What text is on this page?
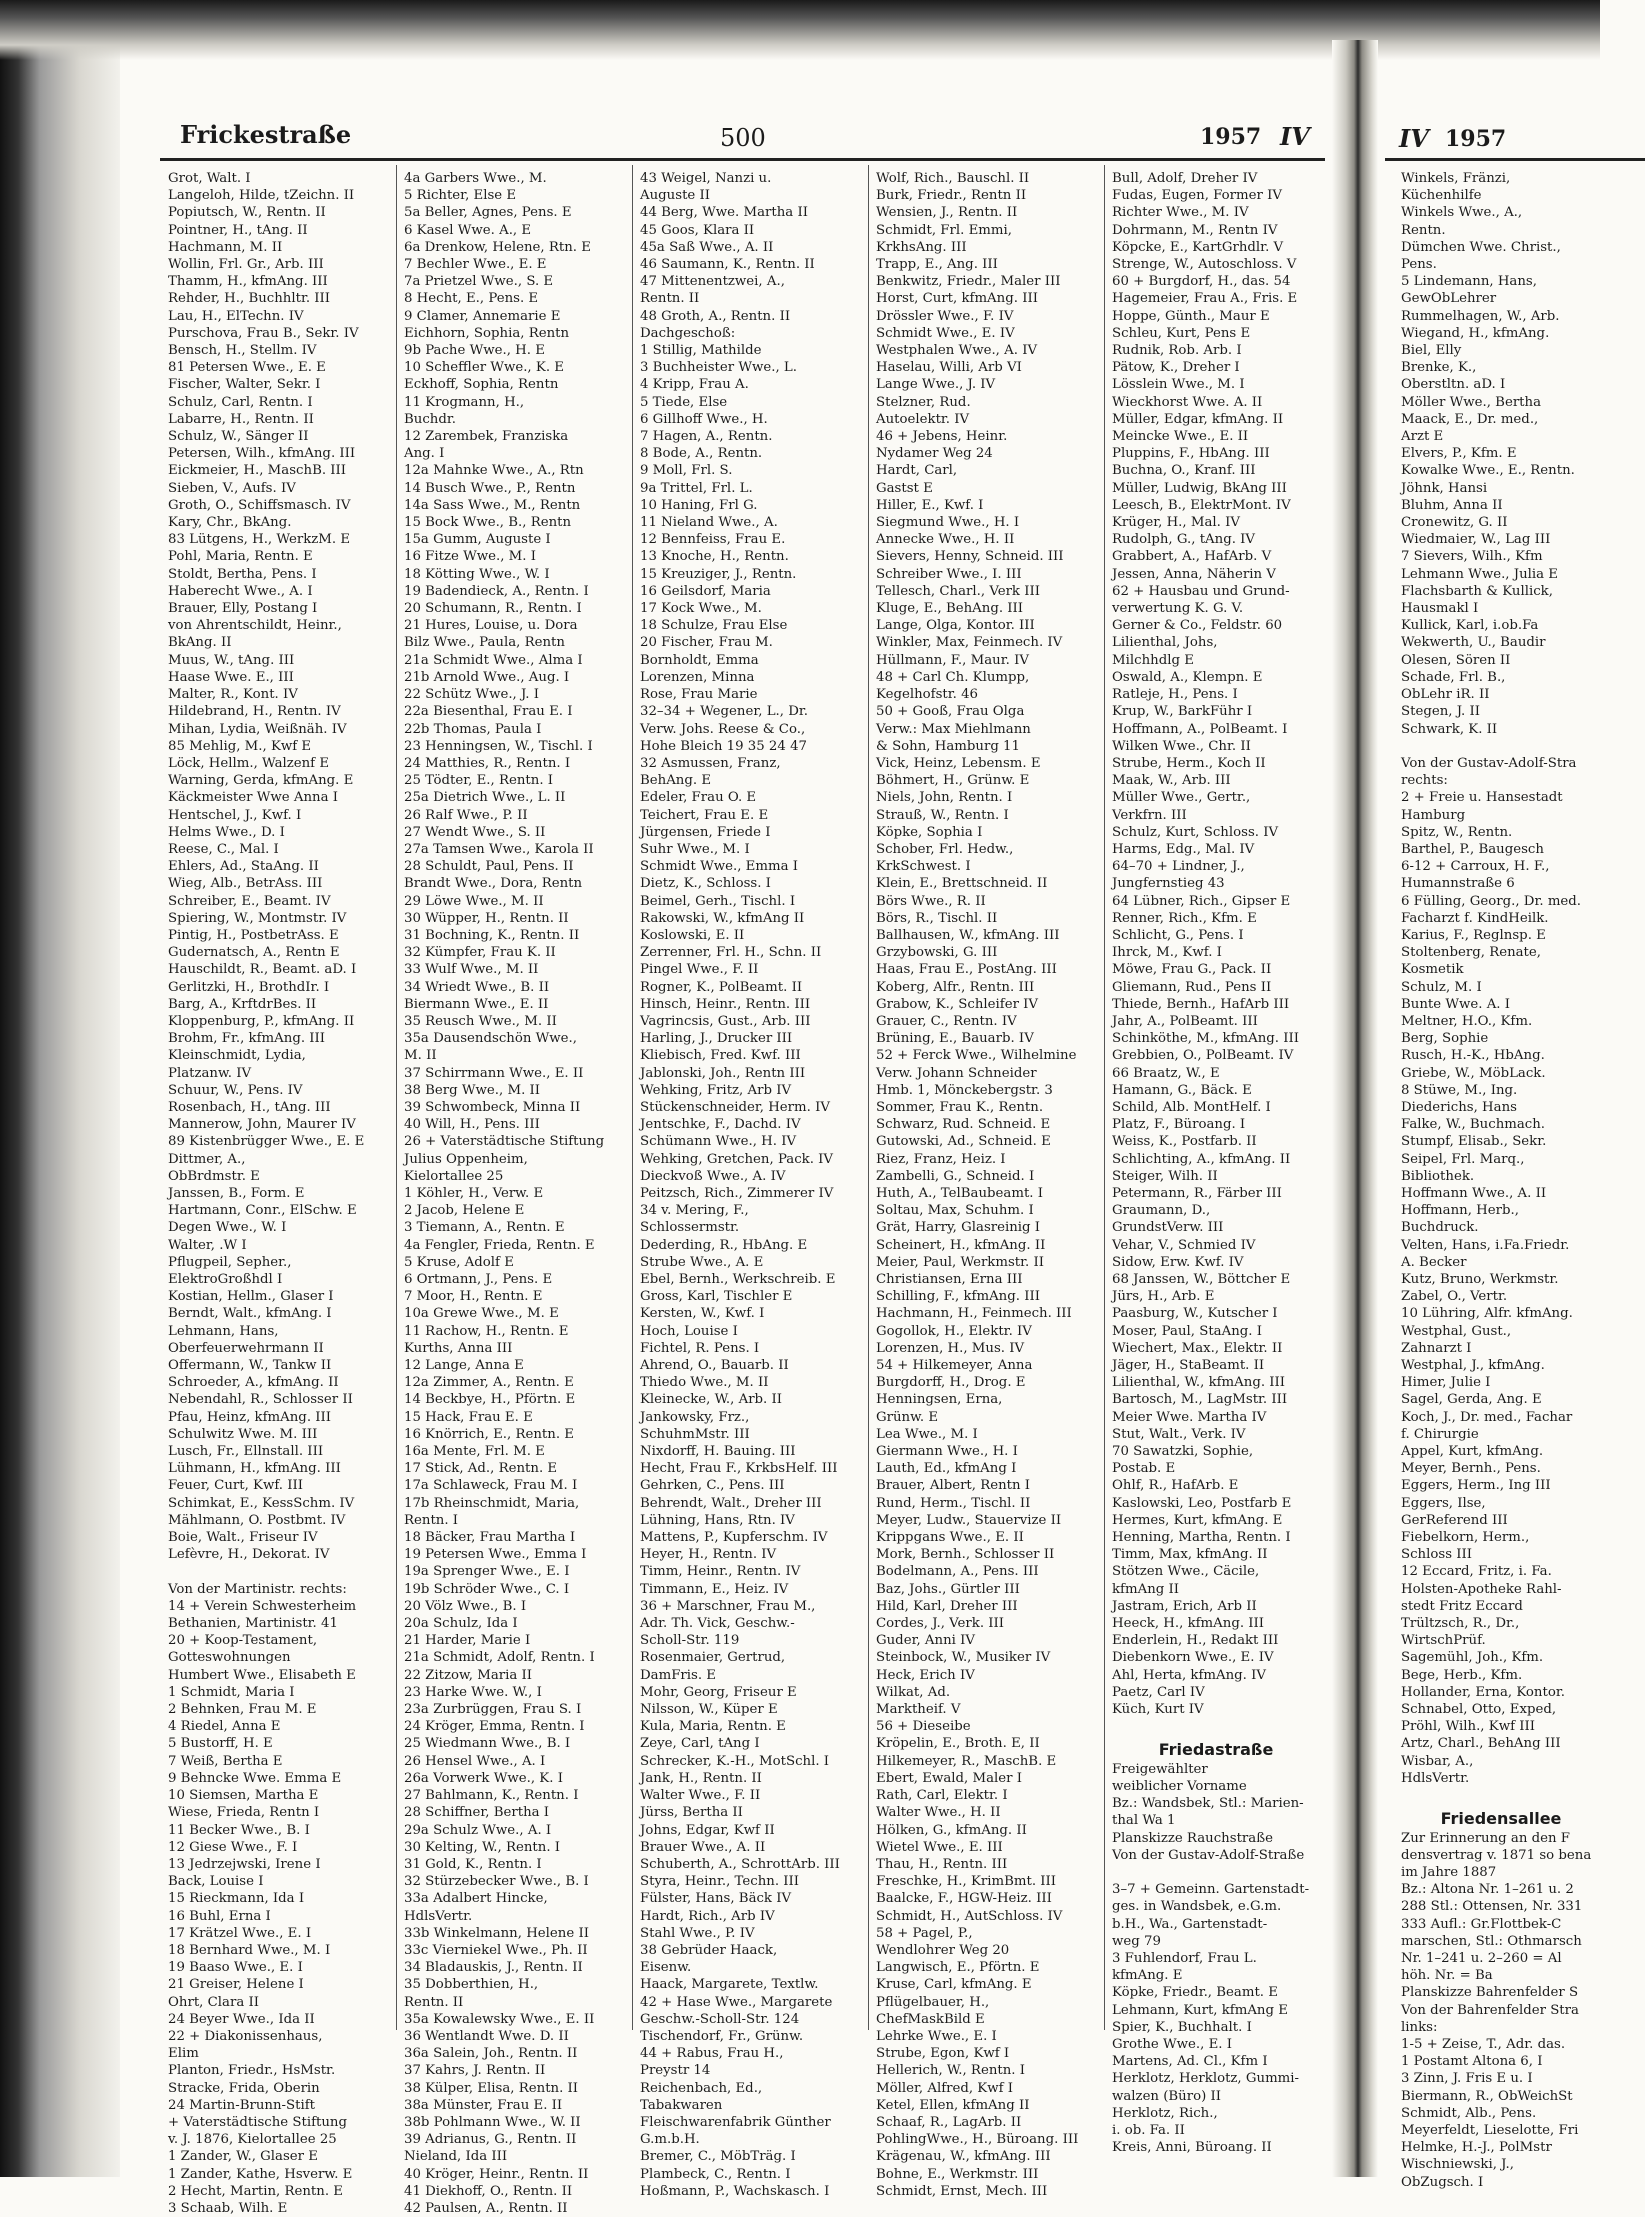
Frickestraße	500	1957 IV
Grot, Walt. I
Langeloh, Hilde, tZeichn. II
Popiutsch, W., Rentn. II
Pointner, H., tAng. II
Hachmann, M. II
Wollin, Frl. Gr., Arb. III
Thamm, H., kfmAng. III
Rehder, H., Buchhltr. III
Lau, H., ElTechn. IV
Purschova, Frau B., Sekr. IV
Bensch, H., Stellm. IV
81 Petersen Wwe., E. E
Fischer, Walter, Sekr. I
Schulz, Carl, Rentn. I
Labarre, H., Rentn. II
Schulz, W., Sänger II
Petersen, Wilh., kfmAng. III
Eickmeier, H., MaschB. III
Sieben, V., Aufs. IV
Groth, O., Schiffsmasch. IV
Kary, Chr., BkAng.
83 Lütgens, H., WerkzM. E
Pohl, Maria, Rentn. E
Stoldt, Bertha, Pens. I
Haberecht Wwe., A. I
Brauer, Elly, Postang I
von Ahrentschildt, Heinr.,
BkAng. II
Muus, W., tAng. III
Haase Wwe. E., III
Malter, R., Kont. IV
Hildebrand, H., Rentn. IV
Mihan, Lydia, Weißnäh. IV
85 Mehlig, M., Kwf E
Löck, Hellm., Walzenf E
Warning, Gerda, kfmAng. E
Käckmeister Wwe Anna I
Hentschel, J., Kwf. I
Helms Wwe., D. I
Reese, C., Mal. I
Ehlers, Ad., StaAng. II
Wieg, Alb., BetrAss. III
Schreiber, E., Beamt. IV
Spiering, W., Montmstr. IV
Pintig, H., PostbetrAss. E
Gudernatsch, A., Rentn E
Hauschildt, R., Beamt. aD. I
Gerlitzki, H., BrothdIr. I
Barg, A., KrftdrBes. II
Kloppenburg, P., kfmAng. II
Brohm, Fr., kfmAng. III
Kleinschmidt, Lydia,
Platzanw. IV
Schuur, W., Pens. IV
Rosenbach, H., tAng. III
Mannerow, John, Maurer IV
89 Kistenbrügger Wwe., E. E
Dittmer, A.,
ObBrdmstr. E
Janssen, B., Form. E
Hartmann, Conr., ElSchw. E
Degen Wwe., W. I
Walter, .W I
Pflugpeil, Sepher.,
ElektroGroßhdl I
Kostian, Hellm., Glaser I
Berndt, Walt., kfmAng. I
Lehmann, Hans,
Oberfeuerwehrmann II
Offermann, W., Tankw II
Schroeder, A., kfmAng. II
Nebendahl, R., Schlosser II
Pfau, Heinz, kfmAng. III
Schulwitz Wwe. M. III
Lusch, Fr., Ellnstall. III
Lühmann, H., kfmAng. III
Feuer, Curt, Kwf. III
Schimkat, E., KessSchm. IV
Mählmann, O. Postbmt. IV
Boie, Walt., Friseur IV
Lefèvre, H., Dekorat. IV

Von der Martinistr. rechts:
14 + Verein Schwesterheim
Bethanien, Martinistr. 41
20 + Koop-Testament,
Gotteswohnungen
Humbert Wwe., Elisabeth E
1 Schmidt, Maria I
2 Behnken, Frau M. E
4 Riedel, Anna E
5 Bustorff, H. E
7 Weiß, Bertha E
9 Behncke Wwe. Emma E
10 Siemsen, Martha E
Wiese, Frieda, Rentn I
11 Becker Wwe., B. I
12 Giese Wwe., F. I
13 Jedrzejwski, Irene I
Back, Louise I
15 Rieckmann, Ida I
16 Buhl, Erna I
17 Krätzel Wwe., E. I
18 Bernhard Wwe., M. I
19 Baaso Wwe., E. I
21 Greiser, Helene I
Ohrt, Clara II
24 Beyer Wwe., Ida II
22 + Diakonissenhaus,
Elim
Planton, Friedr., HsMstr.
Stracke, Frida, Oberin
24 Martin-Brunn-Stift
+ Vaterstädtische Stiftung
v. J. 1876, Kielortallee 25
1 Zander, W., Glaser E
1 Zander, Kathe, Hsverw. E
2 Hecht, Martin, Rentn. E
3 Schaab, Wilh. E
4a Garbers Wwe., M.
5 Richter, Else E
5a Beller, Agnes, Pens. E
6 Kasel Wwe. A., E
6a Drenkow, Helene, Rtn. E
7 Bechler Wwe., E. E
7a Prietzel Wwe., S. E
8 Hecht, E., Pens. E
9 Clamer, Annemarie E
Eichhorn, Sophia, Rentn
9b Pache Wwe., H. E
10 Scheffler Wwe., K. E
Eckhoff, Sophia, Rentn
11 Krogmann, H.,
Buchdr.
12 Zarembek, Franziska
Ang. I
12a Mahnke Wwe., A., Rtn
14 Busch Wwe., P., Rentn
14a Sass Wwe., M., Rentn
15 Bock Wwe., B., Rentn
15a Gumm, Auguste I
16 Fitze Wwe., M. I
18 Kötting Wwe., W. I
19 Badendieck, A., Rentn. I
20 Schumann, R., Rentn. I
21 Hures, Louise, u. Dora
Bilz Wwe., Paula, Rentn
21a Schmidt Wwe., Alma I
21b Arnold Wwe., Aug. I
22 Schütz Wwe., J. I
22a Biesenthal, Frau E. I
22b Thomas, Paula I
23 Henningsen, W., Tischl. I
24 Matthies, R., Rentn. I
25 Tödter, E., Rentn. I
25a Dietrich Wwe., L. II
26 Ralf Wwe., P. II
27 Wendt Wwe., S. II
27a Tamsen Wwe., Karola II
28 Schuldt, Paul, Pens. II
Brandt Wwe., Dora, Rentn
29 Löwe Wwe., M. II
30 Wüpper, H., Rentn. II
31 Bochning, K., Rentn. II
32 Kümpfer, Frau K. II
33 Wulf Wwe., M. II
34 Wriedt Wwe., B. II
Biermann Wwe., E. II
35 Reusch Wwe., M. II
35a Dausendschön Wwe.,
M. II
37 Schirrmann Wwe., E. II
38 Berg Wwe., M. II
39 Schwombeck, Minna II
40 Will, H., Pens. III
26 + Vaterstädtische Stiftung
Julius Oppenheim,
Kielortallee 25
1 Köhler, H., Verw. E
2 Jacob, Helene E
3 Tiemann, A., Rentn. E
4a Fengler, Frieda, Rentn. E
5 Kruse, Adolf E
6 Ortmann, J., Pens. E
7 Moor, H., Rentn. E
10a Grewe Wwe., M. E
11 Rachow, H., Rentn. E
Kurths, Anna III
12 Lange, Anna E
12a Zimmer, A., Rentn. E
14 Beckbye, H., Pförtn. E
15 Hack, Frau E. E
16 Knörrich, E., Rentn. E
16a Mente, Frl. M. E
17 Stick, Ad., Rentn. E
17a Schlaweck, Frau M. I
17b Rheinschmidt, Maria,
Rentn. I
18 Bäcker, Frau Martha I
19 Petersen Wwe., Emma I
19a Sprenger Wwe., E. I
19b Schröder Wwe., C. I
20 Völz Wwe., B. I
20a Schulz, Ida I
21 Harder, Marie I
21a Schmidt, Adolf, Rentn. I
22 Zitzow, Maria II
23 Harke Wwe. W., I
23a Zurbrüggen, Frau S. I
24 Kröger, Emma, Rentn. I
25 Wiedmann Wwe., B. I
26 Hensel Wwe., A. I
26a Vorwerk Wwe., K. I
27 Bahlmann, K., Rentn. I
28 Schiffner, Bertha I
29a Schulz Wwe., A. I
30 Kelting, W., Rentn. I
31 Gold, K., Rentn. I
32 Stürzebecker Wwe., B. I
33a Adalbert Hincke,
HdlsVertr.
33b Winkelmann, Helene II
33c Vierniekel Wwe., Ph. II
34 Bladauskis, J., Rentn. II
35 Dobberthien, H.,
Rentn. II
35a Kowalewsky Wwe., E. II
36 Wentlandt Wwe. D. II
36a Salein, Joh., Rentn. II
37 Kahrs, J. Rentn. II
38 Külper, Elisa, Rentn. II
38a Münster, Frau E. II
38b Pohlmann Wwe., W. II
39 Adrianus, G., Rentn. II
Nieland, Ida III
40 Kröger, Heinr., Rentn. II
41 Diekhoff, O., Rentn. II
42 Paulsen, A., Rentn. II
43 Weigel, Nanzi u.
Auguste II
44 Berg, Wwe. Martha II
45 Goos, Klara II
45a Saß Wwe., A. II
46 Saumann, K., Rentn. II
47 Mittenentzwei, A.,
Rentn. II
48 Groth, A., Rentn. II
Dachgeschoß:
1 Stillig, Mathilde
3 Buchheister Wwe., L.
4 Kripp, Frau A.
5 Tiede, Else
6 Gillhoff Wwe., H.
7 Hagen, A., Rentn.
8 Bode, A., Rentn.
9 Moll, Frl. S.
9a Trittel, Frl. L.
10 Haning, Frl G.
11 Nieland Wwe., A.
12 Bennfeiss, Frau E.
13 Knoche, H., Rentn.
15 Kreuziger, J., Rentn.
16 Geilsdorf, Maria
17 Kock Wwe., M.
18 Schulze, Frau Else
20 Fischer, Frau M.
Bornholdt, Emma
Lorenzen, Minna
Rose, Frau Marie
32–34 + Wegener, L., Dr.
Verw. Johs. Reese & Co.,
Hohe Bleich 19 35 24 47
32 Asmussen, Franz,
BehAng. E
Edeler, Frau O. E
Teichert, Frau E. E
Jürgensen, Friede I
Suhr Wwe., M. I
Schmidt Wwe., Emma I
Dietz, K., Schloss. I
Beimel, Gerh., Tischl. I
Rakowski, W., kfmAng II
Koslowski, E. II
Zerrenner, Frl. H., Schn. II
Pingel Wwe., F. II
Rogner, K., PolBeamt. II
Hinsch, Heinr., Rentn. III
Vagrincsis, Gust., Arb. III
Harling, J., Drucker III
Kliebisch, Fred. Kwf. III
Jablonski, Joh., Rentn III
Wehking, Fritz, Arb IV
Stückenschneider, Herm. IV
Jentschke, F., Dachd. IV
Schümann Wwe., H. IV
Wehking, Gretchen, Pack. IV
Dieckvoß Wwe., A. IV
Peitzsch, Rich., Zimmerer IV
34 v. Mering, F.,
Schlossermstr.
Dederding, R., HbAng. E
Strube Wwe., A. E
Ebel, Bernh., Werkschreib. E
Gross, Karl, Tischler E
Kersten, W., Kwf. I
Hoch, Louise I
Fichtel, R. Pens. I
Ahrend, O., Bauarb. II
Thiedo Wwe., M. II
Kleinecke, W., Arb. II
Jankowsky, Frz.,
SchuhmMstr. III
Nixdorff, H. Bauing. III
Hecht, Frau F., KrkbsHelf. III
Gehrken, C., Pens. III
Behrendt, Walt., Dreher III
Lühning, Hans, Rtn. IV
Mattens, P., Kupferschm. IV
Heyer, H., Rentn. IV
Timm, Heinr., Rentn. IV
Timmann, E., Heiz. IV
36 + Marschner, Frau M.,
Adr. Th. Vick, Geschw.-
Scholl-Str. 119
Rosenmaier, Gertrud,
DamFris. E
Mohr, Georg, Friseur E
Nilsson, W., Küper E
Kula, Maria, Rentn. E
Zeye, Carl, tAng I
Schrecker, K.-H., MotSchl. I
Jank, H., Rentn. II
Walter Wwe., F. II
Jürss, Bertha II
Johns, Edgar, Kwf II
Brauer Wwe., A. II
Schuberth, A., SchrottArb. III
Styra, Heinr., Techn. III
Fülster, Hans, Bäck IV
Hardt, Rich., Arb IV
Stahl Wwe., P. IV
38 Gebrüder Haack,
Eisenw.
Haack, Margarete, Textlw.
42 + Hase Wwe., Margarete
Geschw.-Scholl-Str. 124
Tischendorf, Fr., Grünw.
44 + Rabus, Frau H.,
Preystr 14
Reichenbach, Ed.,
Tabakwaren
Fleischwarenfabrik Günther
G.m.b.H.
Bremer, C., MöbTräg. I
Plambeck, C., Rentn. I
Hoßmann, P., Wachskasch. I
Wolf, Rich., Bauschl. II
Burk, Friedr., Rentn II
Wensien, J., Rentn. II
Schmidt, Frl. Emmi,
KrkhsAng. III
Trapp, E., Ang. III
Benkwitz, Friedr., Maler III
Horst, Curt, kfmAng. III
Drössler Wwe., F. IV
Schmidt Wwe., E. IV
Westphalen Wwe., A. IV
Haselau, Willi, Arb VI
Lange Wwe., J. IV
Stelzner, Rud.
Autoelektr. IV
46 + Jebens, Heinr.
Nydamer Weg 24
Hardt, Carl,
Gastst E
Hiller, E., Kwf. I
Siegmund Wwe., H. I
Annecke Wwe., H. II
Sievers, Henny, Schneid. III
Schreiber Wwe., I. III
Tellesch, Charl., Verk III
Kluge, E., BehAng. III
Lange, Olga, Kontor. III
Winkler, Max, Feinmech. IV
Hüllmann, F., Maur. IV
48 + Carl Ch. Klumpp,
Kegelhofstr. 46
50 + Gooß, Frau Olga
Verw.: Max Miehlmann
& Sohn, Hamburg 11
Vick, Heinz, Lebensm. E
Böhmert, H., Grünw. E
Niels, John, Rentn. I
Strauß, W., Rentn. I
Köpke, Sophia I
Schober, Frl. Hedw.,
KrkSchwest. I
Klein, E., Brettschneid. II
Börs Wwe., R. II
Börs, R., Tischl. II
Ballhausen, W., kfmAng. III
Grzybowski, G. III
Haas, Frau E., PostAng. III
Koberg, Alfr., Rentn. III
Grabow, K., Schleifer IV
Grauer, C., Rentn. IV
Brüning, E., Bauarb. IV
52 + Ferck Wwe., Wilhelmine
Verw. Johann Schneider
Hmb. 1, Mönckebergstr. 3
Sommer, Frau K., Rentn.
Schwarz, Rud. Schneid. E
Gutowski, Ad., Schneid. E
Riez, Franz, Heiz. I
Zambelli, G., Schneid. I
Huth, A., TelBaubeamt. I
Soltau, Max, Schuhm. I
Grät, Harry, Glasreinig I
Scheinert, H., kfmAng. II
Meier, Paul, Werkmstr. II
Christiansen, Erna III
Schilling, F., kfmAng. III
Hachmann, H., Feinmech. III
Gogollok, H., Elektr. IV
Lorenzen, H., Mus. IV
54 + Hilkemeyer, Anna
Burgdorff, H., Drog. E
Henningsen, Erna,
Grünw. E
Lea Wwe., M. I
Giermann Wwe., H. I
Lauth, Ed., kfmAng I
Brauer, Albert, Rentn I
Rund, Herm., Tischl. II
Meyer, Ludw., Stauervize II
Krippgans Wwe., E. II
Mork, Bernh., Schlosser II
Bodelmann, A., Pens. III
Baz, Johs., Gürtler III
Hild, Karl, Dreher III
Cordes, J., Verk. III
Guder, Anni IV
Steinbock, W., Musiker IV
Heck, Erich IV
Wilkat, Ad.
Marktheif. V
56 + Dieseibe
Kröpelin, E., Broth. E, II
Hilkemeyer, R., MaschB. E
Ebert, Ewald, Maler I
Rath, Carl, Elektr. I
Walter Wwe., H. II
Hölken, G., kfmAng. II
Wietel Wwe., E. III
Thau, H., Rentn. III
Freschke, H., KrimBmt. III
Baalcke, F., HGW-Heiz. III
Schmidt, H., AutSchloss. IV
58 + Pagel, P.,
Wendlohrer Weg 20
Langwisch, E., Pförtn. E
Kruse, Carl, kfmAng. E
Pflügelbauer, H.,
ChefMaskBild E
Lehrke Wwe., E. I
Strube, Egon, Kwf I
Hellerich, W., Rentn. I
Möller, Alfred, Kwf I
Ketel, Ellen, kfmAng II
Schaaf, R., LagArb. II
PohlingWwe., H., Büroang. III
Krägenau, W., kfmAng. III
Bohne, E., Werkmstr. III
Schmidt, Ernst, Mech. III
Bull, Adolf, Dreher IV
Fudas, Eugen, Former IV
Richter Wwe., M. IV
Dohrmann, M., Rentn IV
Köpcke, E., KartGrhdlr. V
Strenge, W., Autoschloss. V
60 + Burgdorf, H., das. 54
Hagemeier, Frau A., Fris. E
Hoppe, Günth., Maur E
Schleu, Kurt, Pens E
Rudnik, Rob. Arb. I
Pätow, K., Dreher I
Lösslein Wwe., M. I
Wieckhorst Wwe. A. II
Müller, Edgar, kfmAng. II
Meincke Wwe., E. II
Pluppins, F., HbAng. III
Buchna, O., Kranf. III
Müller, Ludwig, BkAng III
Leesch, B., ElektrMont. IV
Krüger, H., Mal. IV
Rudolph, G., tAng. IV
Grabbert, A., HafArb. V
Jessen, Anna, Näherin V
62 + Hausbau und Grund-
verwertung K. G. V.
Gerner & Co., Feldstr. 60
Lilienthal, Johs,
Milchhdlg E
Oswald, A., Klempn. E
Ratleje, H., Pens. I
Krup, W., BarkFühr I
Hoffmann, A., PolBeamt. I
Wilken Wwe., Chr. II
Strube, Herm., Koch II
Maak, W., Arb. III
Müller Wwe., Gertr.,
Verkfrn. III
Schulz, Kurt, Schloss. IV
Harms, Edg., Mal. IV
64–70 + Lindner, J.,
Jungfernstieg 43
64 Lübner, Rich., Gipser E
Renner, Rich., Kfm. E
Schlicht, G., Pens. I
Ihrck, M., Kwf. I
Möwe, Frau G., Pack. II
Gliemann, Rud., Pens II
Thiede, Bernh., HafArb III
Jahr, A., PolBeamt. III
Schinköthe, M., kfmAng. III
Grebbien, O., PolBeamt. IV
66 Braatz, W., E
Hamann, G., Bäck. E
Schild, Alb. MontHelf. I
Platz, F., Büroang. I
Weiss, K., Postfarb. II
Schlichting, A., kfmAng. II
Steiger, Wilh. II
Petermann, R., Färber III
Graumann, D.,
GrundstVerw. III
Vehar, V., Schmied IV
Sidow, Erw. Kwf. IV
68 Janssen, W., Böttcher E
Jürs, H., Arb. E
Paasburg, W., Kutscher I
Moser, Paul, StaAng. I
Wiechert, Max., Elektr. II
Jäger, H., StaBeamt. II
Lilienthal, W., kfmAng. III
Bartosch, M., LagMstr. III
Meier Wwe. Martha IV
Stut, Walt., Verk. IV
70 Sawatzki, Sophie,
Postab. E
Ohlf, R., HafArb. E
Kaslowski, Leo, Postfarb E
Hermes, Kurt, kfmAng. E
Henning, Martha, Rentn. I
Timm, Max, kfmAng. II
Stötzen Wwe., Cäcile,
kfmAng II
Jastram, Erich, Arb II
Heeck, H., kfmAng. III
Enderlein, H., Redakt III
Diebenkorn Wwe., E. IV
Ahl, Herta, kfmAng. IV
Paetz, Carl IV
Küch, Kurt IV

Friedastraße
Freigewählter
weiblicher Vorname
Bz.: Wandsbek, Stl.: Marien-
thal Wa 1
Planskizze Rauchstraße
Von der Gustav-Adolf-Straße

3–7 + Gemeinn. Gartenstadt-
ges. in Wandsbek, e.G.m.
b.H., Wa., Gartenstadt-
weg 79
3 Fuhlendorf, Frau L.
kfmAng. E
Köpke, Friedr., Beamt. E
Lehmann, Kurt, kfmAng E
Spier, K., Buchhalt. I
Grothe Wwe., E. I
Martens, Ad. Cl., Kfm I
Herklotz, Herklotz, Gummi-
walzen (Büro) II
Herklotz, Rich.,
i. ob. Fa. II
Kreis, Anni, Büroang. II
IV 1957
Winkels, Fränzi,
Küchenhilfe
Winkels Wwe., A.,
Rentn.
Dümchen Wwe. Christ.,
Pens.
5 Lindemann, Hans,
GewObLehrer
Rummelhagen, W., Arb.
Wiegand, H., kfmAng.
Biel, Elly
Brenke, K.,
Oberstltn. aD. I
Möller Wwe., Bertha
Maack, E., Dr. med.,
Arzt E
Elvers, P., Kfm. E
Kowalke Wwe., E., Rentn.
Jöhnk, Hansi
Bluhm, Anna II
Cronewitz, G. II
Wiedmaier, W., Lag III
7 Sievers, Wilh., Kfm
Lehmann Wwe., Julia E
Flachsbarth & Kullick,
Hausmakl I
Kullick, Karl, i.ob.Fa
Wekwerth, U., Baudir
Olesen, Sören II
Schade, Frl. B.,
ObLehr iR. II
Stegen, J. II
Schwark, K. II

Von der Gustav-Adolf-Stra
rechts:
2 + Freie u. Hansestadt
Hamburg
Spitz, W., Rentn.
Barthel, P., Baugesch
6-12 + Carroux, H. F.,
Humannstraße 6
6 Fülling, Georg., Dr. med.
Facharzt f. KindHeilk.
Karius, F., Reglnsp. E
Stoltenberg, Renate,
Kosmetik
Schulz, M. I
Bunte Wwe. A. I
Meltner, H.O., Kfm.
Berg, Sophie
Rusch, H.-K., HbAng.
Griebe, W., MöbLack.
8 Stüwe, M., Ing.
Diederichs, Hans
Falke, W., Buchmach.
Stumpf, Elisab., Sekr.
Seipel, Frl. Marq.,
Bibliothek.
Hoffmann Wwe., A. II
Hoffmann, Herb.,
Buchdruck.
Velten, Hans, i.Fa.Friedr.
A. Becker
Kutz, Bruno, Werkmstr.
Zabel, O., Vertr.
10 Lühring, Alfr. kfmAng.
Westphal, Gust.,
Zahnarzt I
Westphal, J., kfmAng.
Himer, Julie I
Sagel, Gerda, Ang. E
Koch, J., Dr. med., Fachar
f. Chirurgie
Appel, Kurt, kfmAng.
Meyer, Bernh., Pens.
Eggers, Herm., Ing III
Eggers, Ilse,
GerReferend III
Fiebelkorn, Herm.,
Schloss III
12 Eccard, Fritz, i. Fa.
Holsten-Apotheke Rahl-
stedt Fritz Eccard
Trültzsch, R., Dr.,
WirtschPrüf.
Sagemühl, Joh., Kfm.
Bege, Herb., Kfm.
Hollander, Erna, Kontor.
Schnabel, Otto, Exped,
Pröhl, Wilh., Kwf III
Artz, Charl., BehAng III
Wisbar, A.,
HdlsVertr.

Friedensallee
Zur Erinnerung an den F
densvertrag v. 1871 so bena
im Jahre 1887
Bz.: Altona Nr. 1–261 u. 2
288 Stl.: Ottensen, Nr. 331
333 Aufl.: Gr.Flottbek-C
marschen, Stl.: Othmarsch
Nr. 1–241 u. 2–260 = Al
höh. Nr. = Ba
Planskizze Bahrenfelder S
Von der Bahrenfelder Stra
links:
1-5 + Zeise, T., Adr. das.
1 Postamt Altona 6, I
3 Zinn, J. Fris E u. I
Biermann, R., ObWeichSt
Schmidt, Alb., Pens.
Meyerfeldt, Lieselotte, Fri
Helmke, H.-J., PolMstr
Wischniewski, J.,
ObZugsch. I
